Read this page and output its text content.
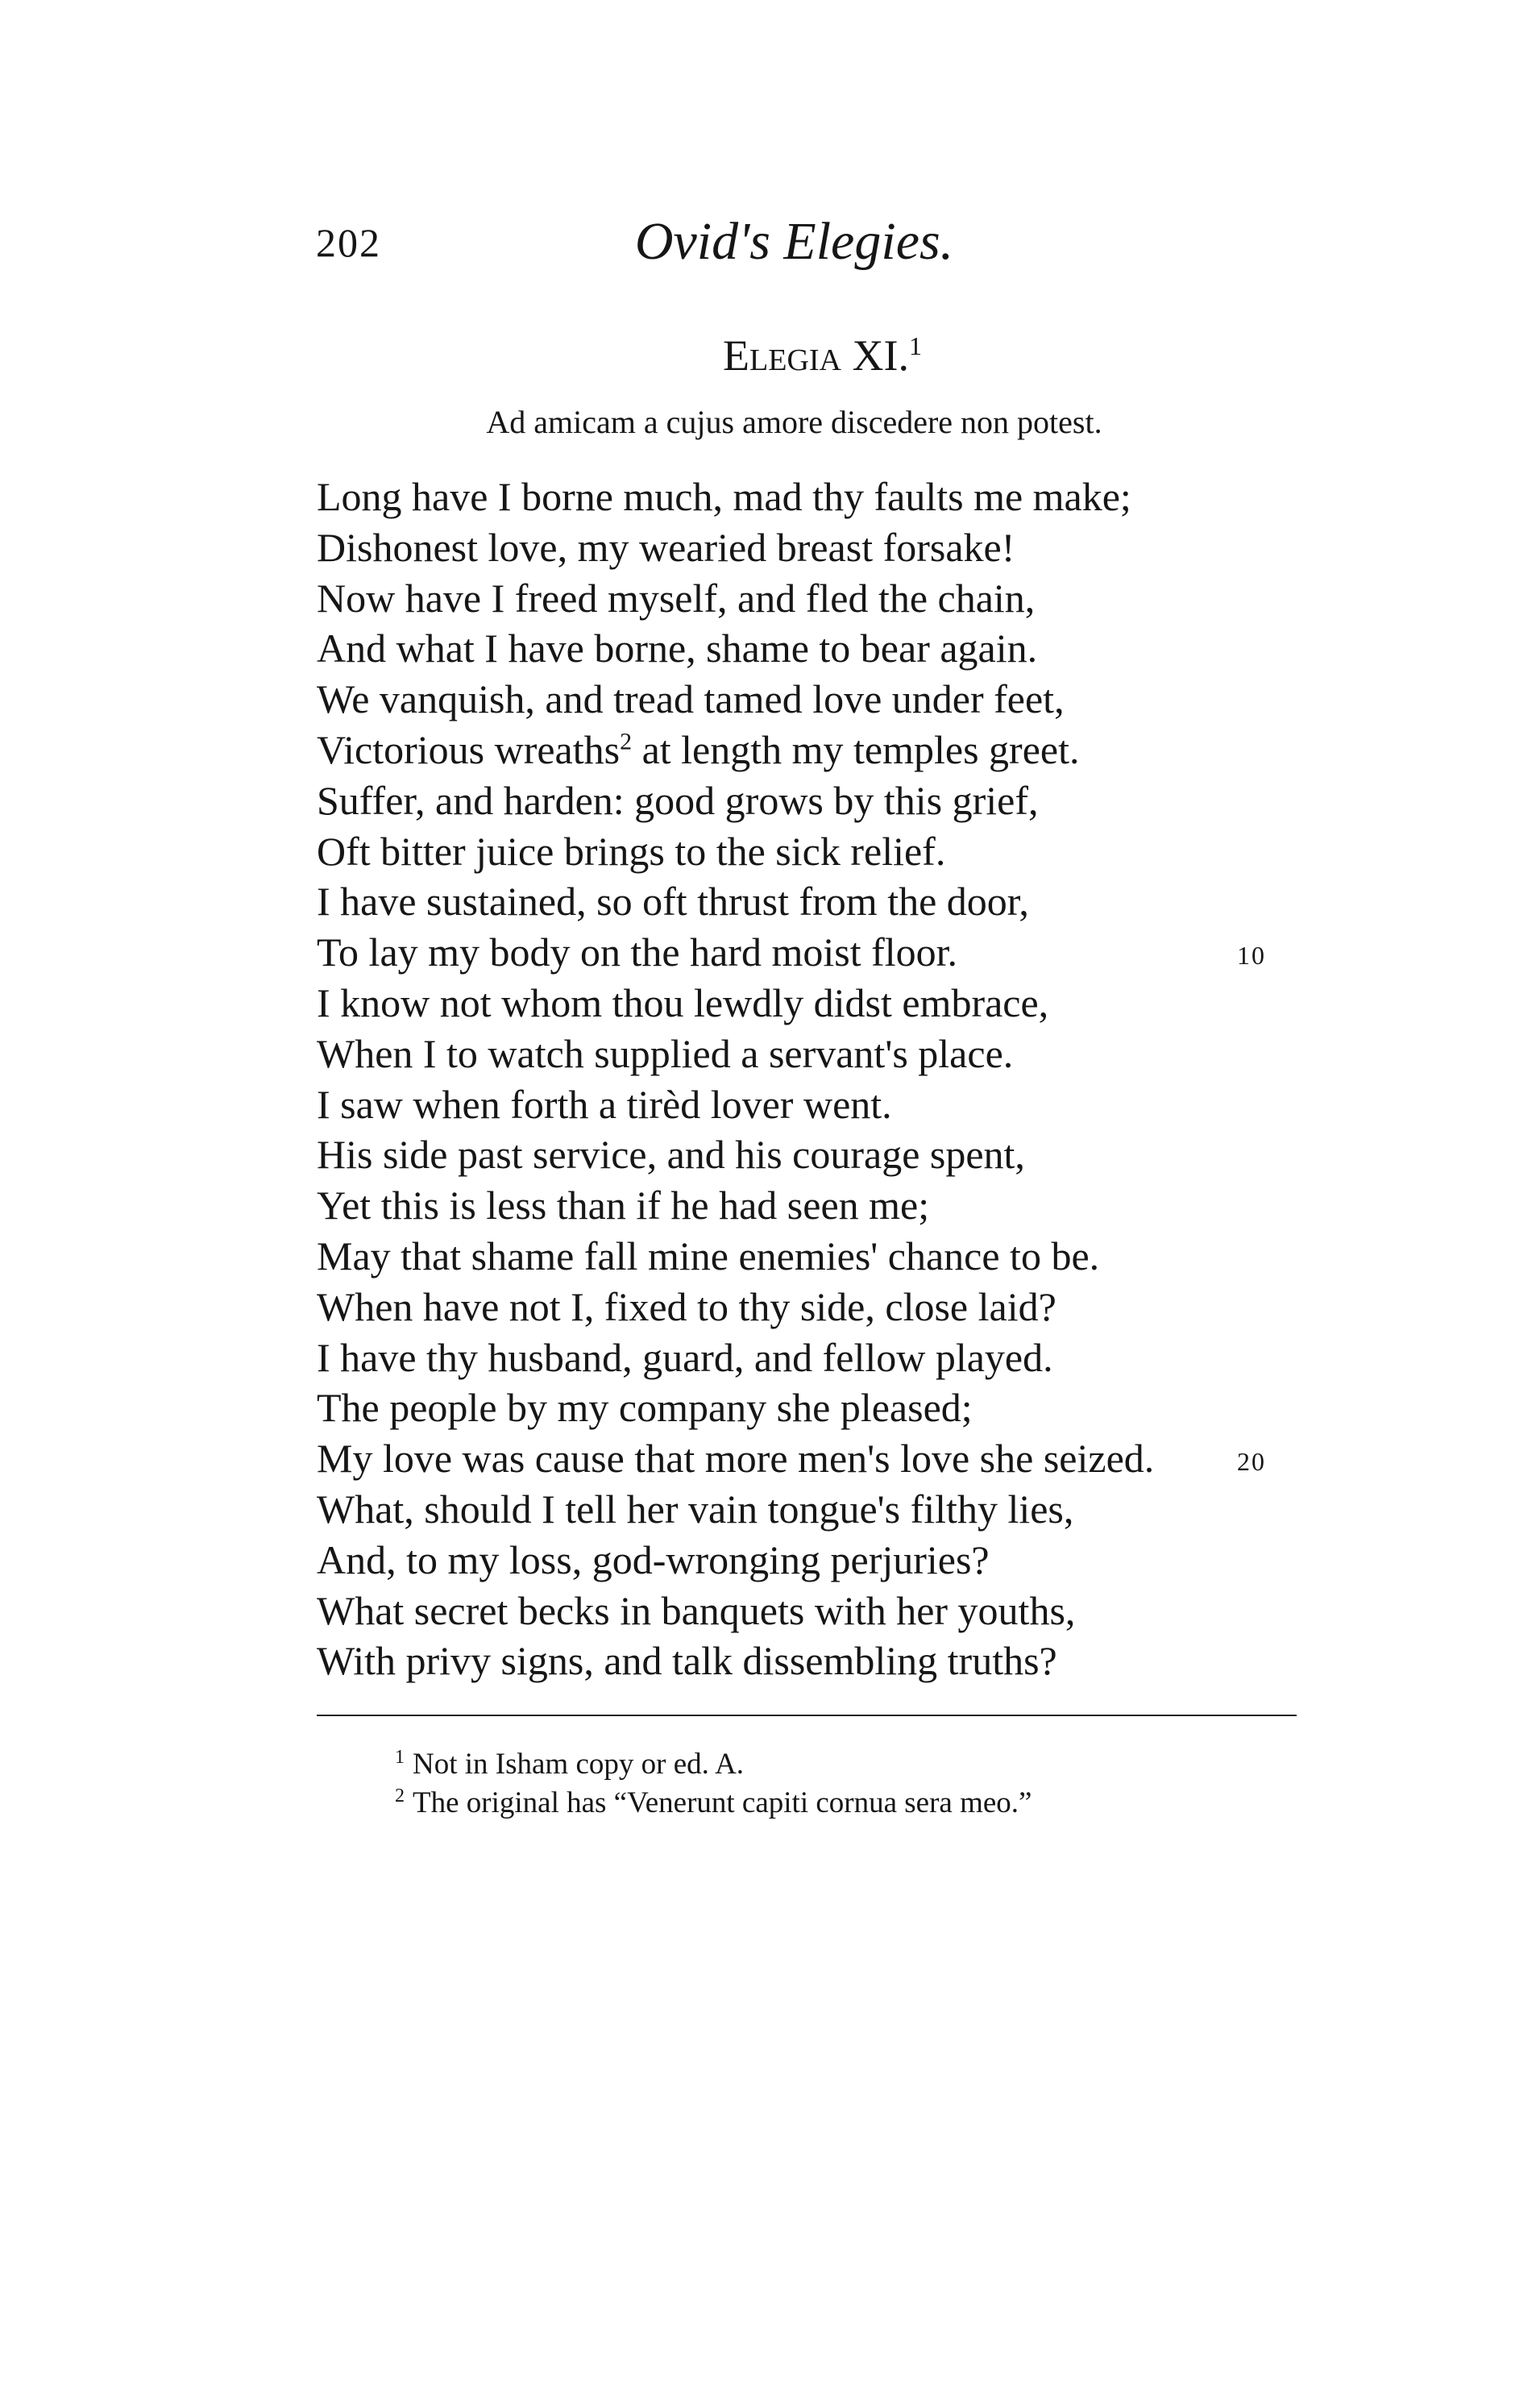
202	Ovid's Elegies.
Elegia XI.$^1$
Ad amicam a cujus amore discedere non potest.
Long have I borne much, mad thy faults me make;
Dishonest love, my wearied breast forsake!
Now have I freed myself, and fled the chain,
And what I have borne, shame to bear again.
We vanquish, and tread tamed love under feet,
Victorious wreaths$^2$ at length my temples greet.
Suffer, and harden: good grows by this grief,
Oft bitter juice brings to the sick relief.
I have sustained, so oft thrust from the door,
To lay my body on the hard moist floor.	10
I know not whom thou lewdly didst embrace,
When I to watch supplied a servant's place.
I saw when forth a tirèd lover went.
His side past service, and his courage spent,
Yet this is less than if he had seen me;
May that shame fall mine enemies' chance to be.
When have not I, fixed to thy side, close laid?
I have thy husband, guard, and fellow played.
The people by my company she pleased;
My love was cause that more men's love she seized.	20
What, should I tell her vain tongue's filthy lies,
And, to my loss, god-wronging perjuries?
What secret becks in banquets with her youths,
With privy signs, and talk dissembling truths?
$^1$ Not in Isham copy or ed. A.
$^2$ The original has “Venerunt capiti cornua sera meo.”
